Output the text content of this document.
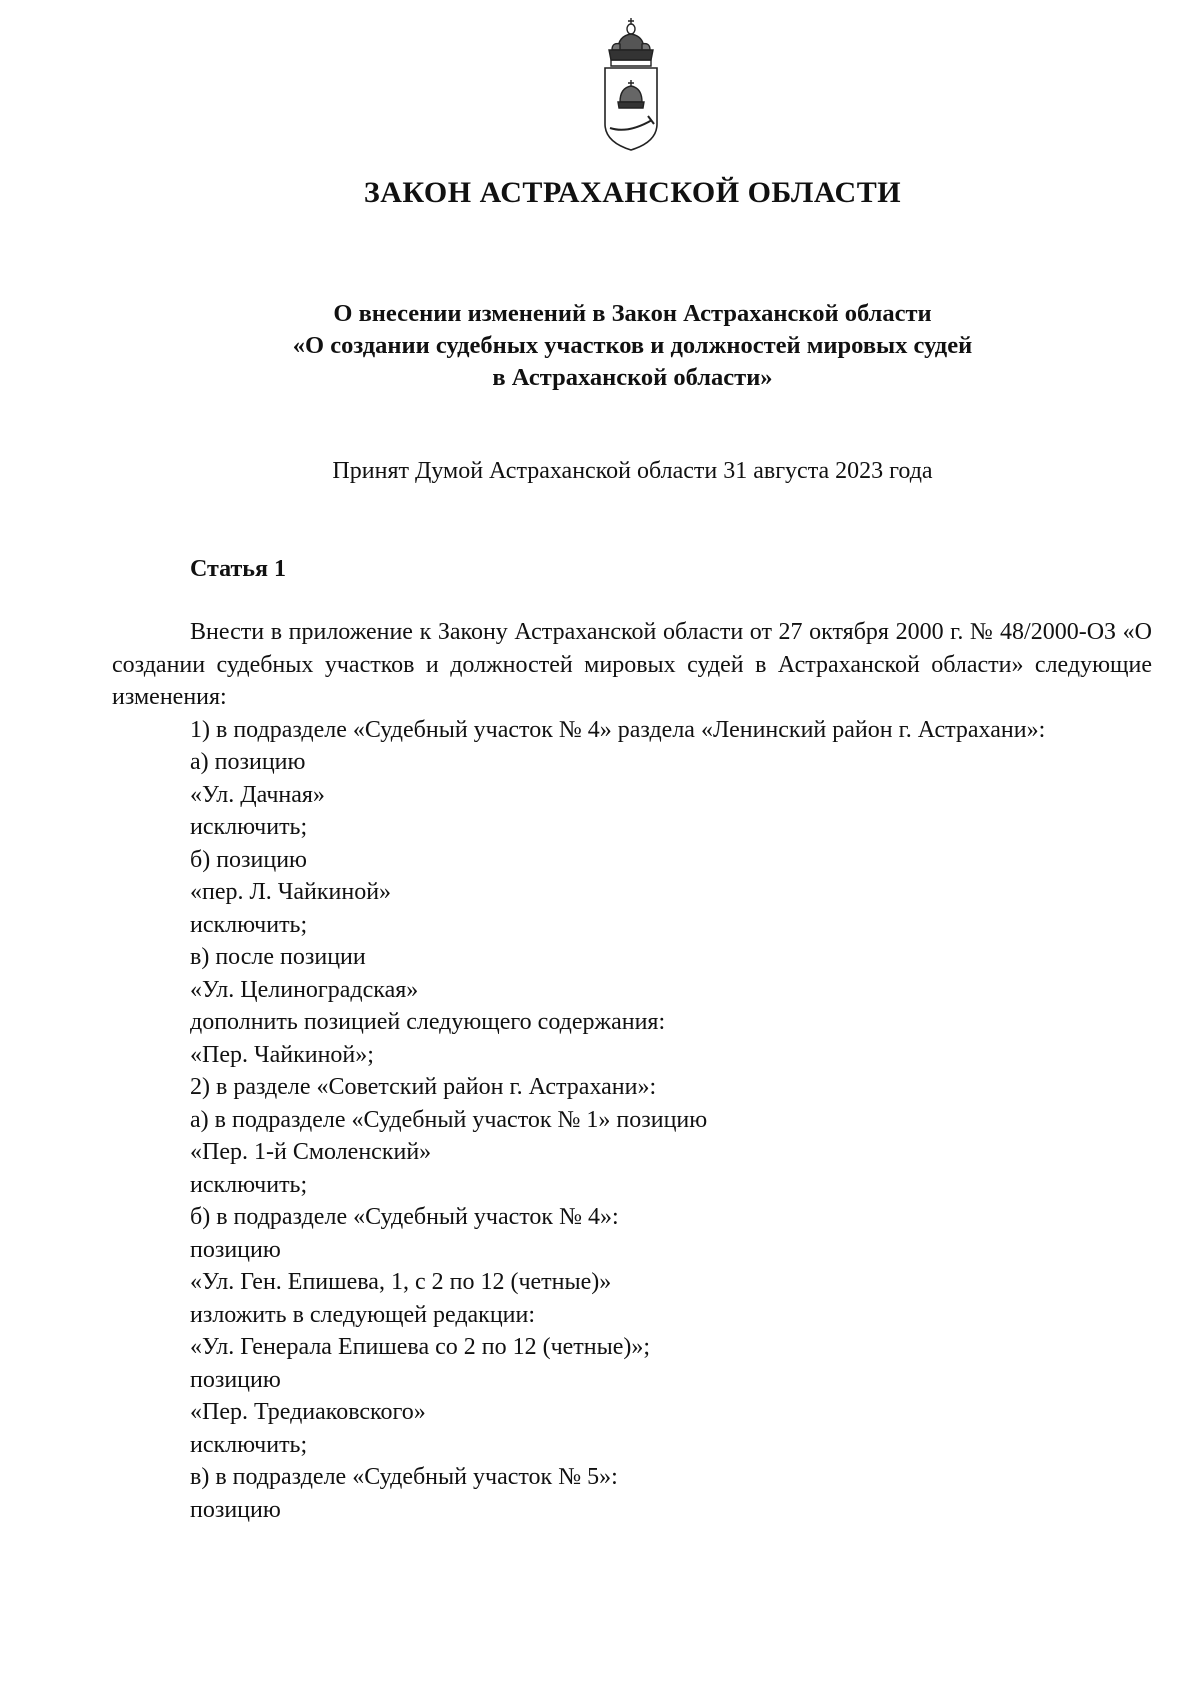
ЗАКОН АСТРАХАНСКОЙ ОБЛАСТИ
О внесении изменений в Закон Астраханской области
«О создании судебных участков и должностей мировых судей
в Астраханской области»
Принят Думой Астраханской области 31 августа 2023 года
Статья 1
Внести в приложение к Закону Астраханской области от 27 октября 2000 г. № 48/2000-ОЗ «О создании судебных участков и должностей мировых судей в Астраханской области» следующие изменения:
1) в подразделе «Судебный участок № 4» раздела «Ленинский район г. Астрахани»:
а) позицию
«Ул. Дачная»
исключить;
б) позицию
«пер. Л. Чайкиной»
исключить;
в) после позиции
«Ул. Целиноградская»
дополнить позицией следующего содержания:
«Пер. Чайкиной»;
2) в разделе «Советский район г. Астрахани»:
а) в подразделе «Судебный участок № 1» позицию
«Пер. 1-й Смоленский»
исключить;
б) в подразделе «Судебный участок № 4»:
позицию
«Ул. Ген. Епишева, 1, с 2 по 12 (четные)»
изложить в следующей редакции:
«Ул. Генерала Епишева со 2 по 12 (четные)»;
позицию
«Пер. Тредиаковского»
исключить;
в) в подразделе «Судебный участок № 5»:
позицию
